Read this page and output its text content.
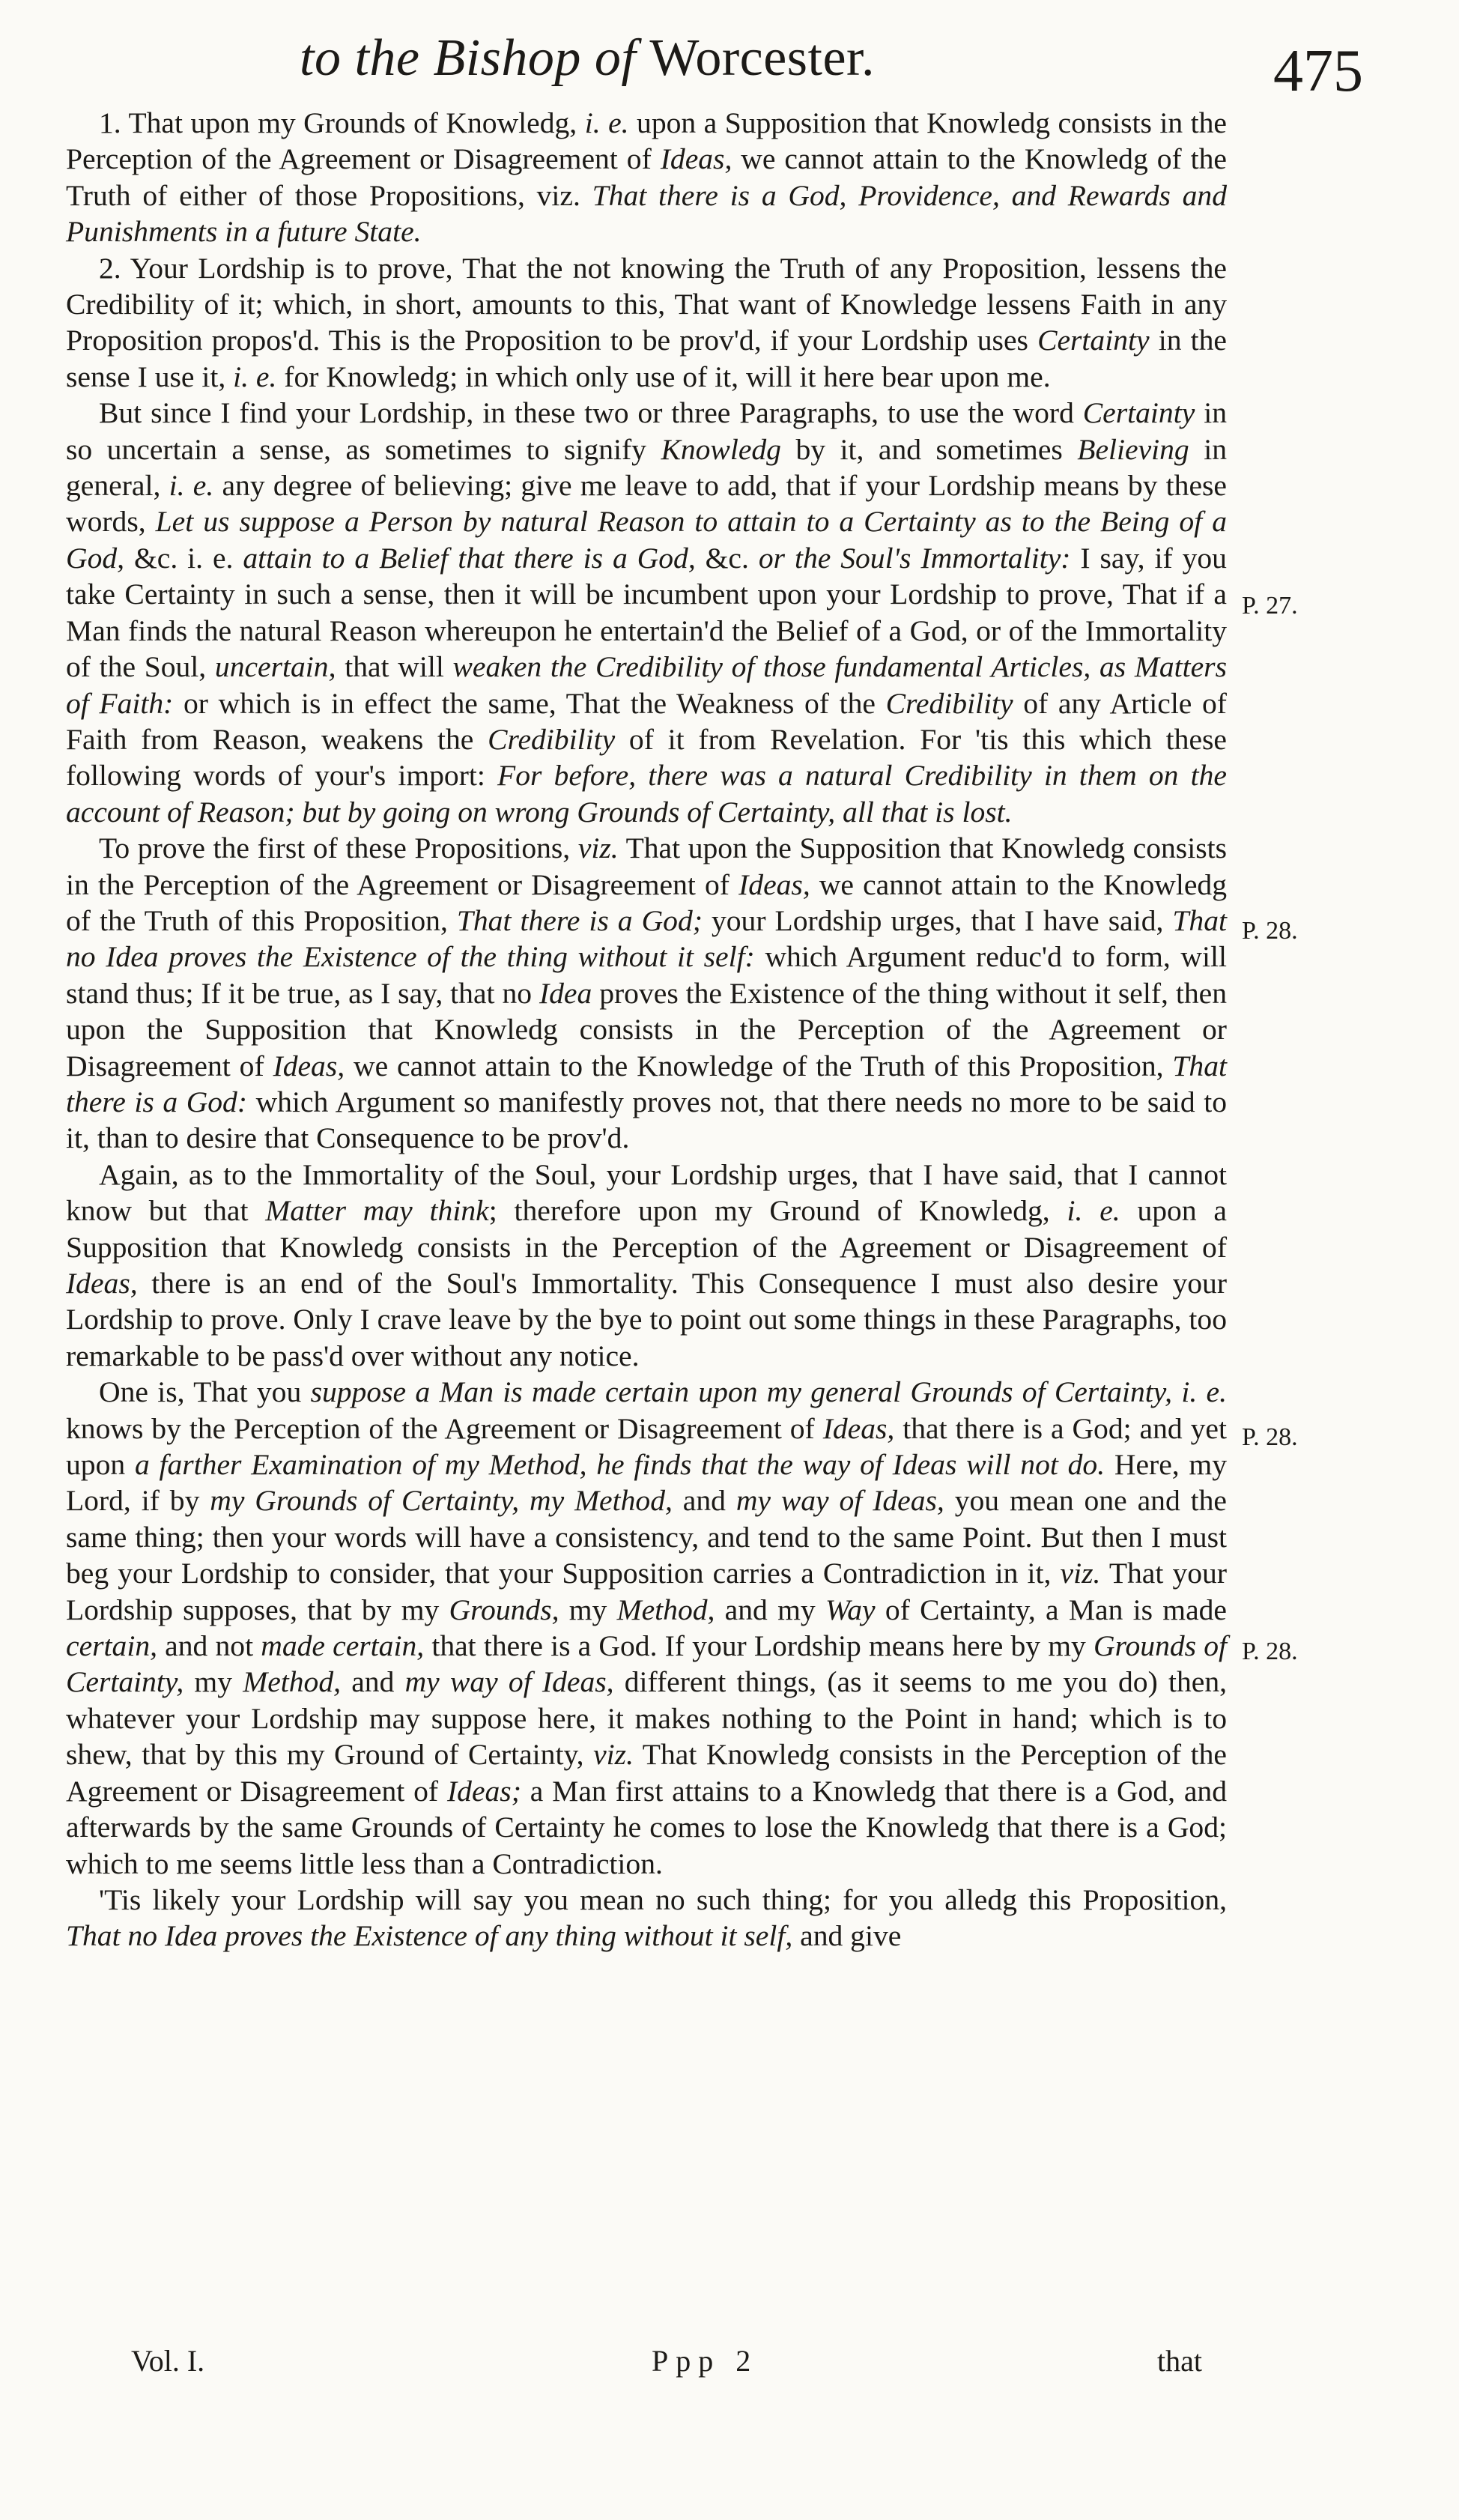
to the Bishop of Worcester.	475

1. That upon my Grounds of Knowledg, i. e. upon a Supposition that Knowledg consists in the Perception of the Agreement or Disagreement of Ideas, we cannot attain to the Knowledg of the Truth of either of those Propositions, viz. That there is a God, Providence, and Rewards and Punishments in a future State.

2. Your Lordship is to prove, That the not knowing the Truth of any Proposition, lessens the Credibility of it; which, in short, amounts to this, That want of Knowledge lessens Faith in any Proposition propos'd. This is the Proposition to be prov'd, if your Lordship uses Certainty in the sense I use it, i. e. for Knowledg; in which only use of it, will it here bear upon me.

But since I find your Lordship, in these two or three Paragraphs, to use the word Certainty in so uncertain a sense, as sometimes to signify Knowledg by it, and sometimes Believing in general, i. e. any degree of believing; give me leave to add, that if your Lordship means by these words, Let us suppose a Person by natural Reason to attain to a Certainty as to the Being of a God, &c. i. e. attain to a Belief that there is a God, &c. or the Soul's Immortality: I say, if you take Certainty in such a sense, then it will be incumbent upon your Lordship to prove, That if a Man finds the natural Reason whereupon he entertain'd the Belief of a God, or of the Immortality of the Soul, uncertain, that will weaken the Credibility of those fundamental Articles, as Matters of Faith: or which is in effect the same, That the Weakness of the Credibility of any Article of Faith from Reason, weakens the Credibility of it from Revelation. For 'tis this which these following words of your's import: For before, there was a natural Credibility in them on the account of Reason; but by going on wrong Grounds of Certainty, all that is lost.

To prove the first of these Propositions, viz. That upon the Supposition that Knowledg consists in the Perception of the Agreement or Disagreement of Ideas, we cannot attain to the Knowledg of the Truth of this Proposition, That there is a God; your Lordship urges, that I have said, That no Idea proves the Existence of the thing without it self: which Argument reduc'd to form, will stand thus; If it be true, as I say, that no Idea proves the Existence of the thing without it self, then upon the Supposition that Knowledg consists in the Perception of the Agreement or Disagreement of Ideas, we cannot attain to the Knowledge of the Truth of this Proposition, That there is a God: which Argument so manifestly proves not, that there needs no more to be said to it, than to desire that Consequence to be prov'd.

Again, as to the Immortality of the Soul, your Lordship urges, that I have said, that I cannot know but that Matter may think; therefore upon my Ground of Knowledg, i. e. upon a Supposition that Knowledg consists in the Perception of the Agreement or Disagreement of Ideas, there is an end of the Soul's Immortality. This Consequence I must also desire your Lordship to prove. Only I crave leave by the bye to point out some things in these Paragraphs, too remarkable to be pass'd over without any notice.

One is, That you suppose a Man is made certain upon my general Grounds of Certainty, i. e. knows by the Perception of the Agreement or Disagreement of Ideas, that there is a God; and yet upon a farther Examination of my Method, he finds that the way of Ideas will not do. Here, my Lord, if by my Grounds of Certainty, my Method, and my way of Ideas, you mean one and the same thing; then your words will have a consistency, and tend to the same Point. But then I must beg your Lordship to consider, that your Supposition carries a Contradiction in it, viz. That your Lordship supposes, that by my Grounds, my Method, and my Way of Certainty, a Man is made certain, and not made certain, that there is a God. If your Lordship means here by my Grounds of Certainty, my Method, and my way of Ideas, different things, (as it seems to me you do) then, whatever your Lordship may suppose here, it makes nothing to the Point in hand; which is to shew, that by this my Ground of Certainty, viz. That Knowledg consists in the Perception of the Agreement or Disagreement of Ideas; a Man first attains to a Knowledg that there is a God, and afterwards by the same Grounds of Certainty he comes to lose the Knowledg that there is a God; which to me seems little less than a Contradiction.

'Tis likely your Lordship will say you mean no such thing; for you alledg this Proposition, That no Idea proves the Existence of any thing without it self, and give

P. 27.
P. 28.
P. 28.
P. 28.
Vol. I.	Ppp 2	that
